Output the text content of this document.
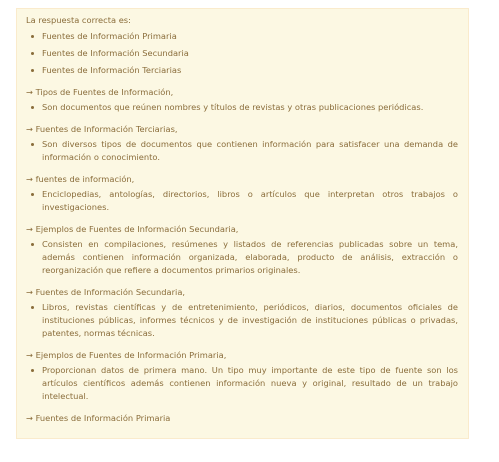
La respuesta correcta es:
Fuentes de Información Primaria
Fuentes de Información Secundaria
Fuentes de Información Terciarias
→ Tipos de Fuentes de Información,
Son documentos que reúnen nombres y títulos de revistas y otras publicaciones periódicas.
→ Fuentes de Información Terciarias,
Son diversos tipos de documentos que contienen información para satisfacer una demanda de información o conocimiento.
→ fuentes de información,
Enciclopedias, antologías, directorios, libros o artículos que interpretan otros trabajos o investigaciones.
→ Ejemplos de Fuentes de Información Secundaria,
Consisten en compilaciones, resúmenes y listados de referencias publicadas sobre un tema, además contienen información organizada, elaborada, producto de análisis, extracción o reorganización que refiere a documentos primarios originales.
→ Fuentes de Información Secundaria,
Libros, revistas científicas y de entretenimiento, periódicos, diarios, documentos oficiales de instituciones públicas, informes técnicos y de investigación de instituciones públicas o privadas, patentes, normas técnicas.
→ Ejemplos de Fuentes de Información Primaria,
Proporcionan datos de primera mano. Un tipo muy importante de este tipo de fuente son los artículos científicos además contienen información nueva y original, resultado de un trabajo intelectual.
→ Fuentes de Información Primaria
